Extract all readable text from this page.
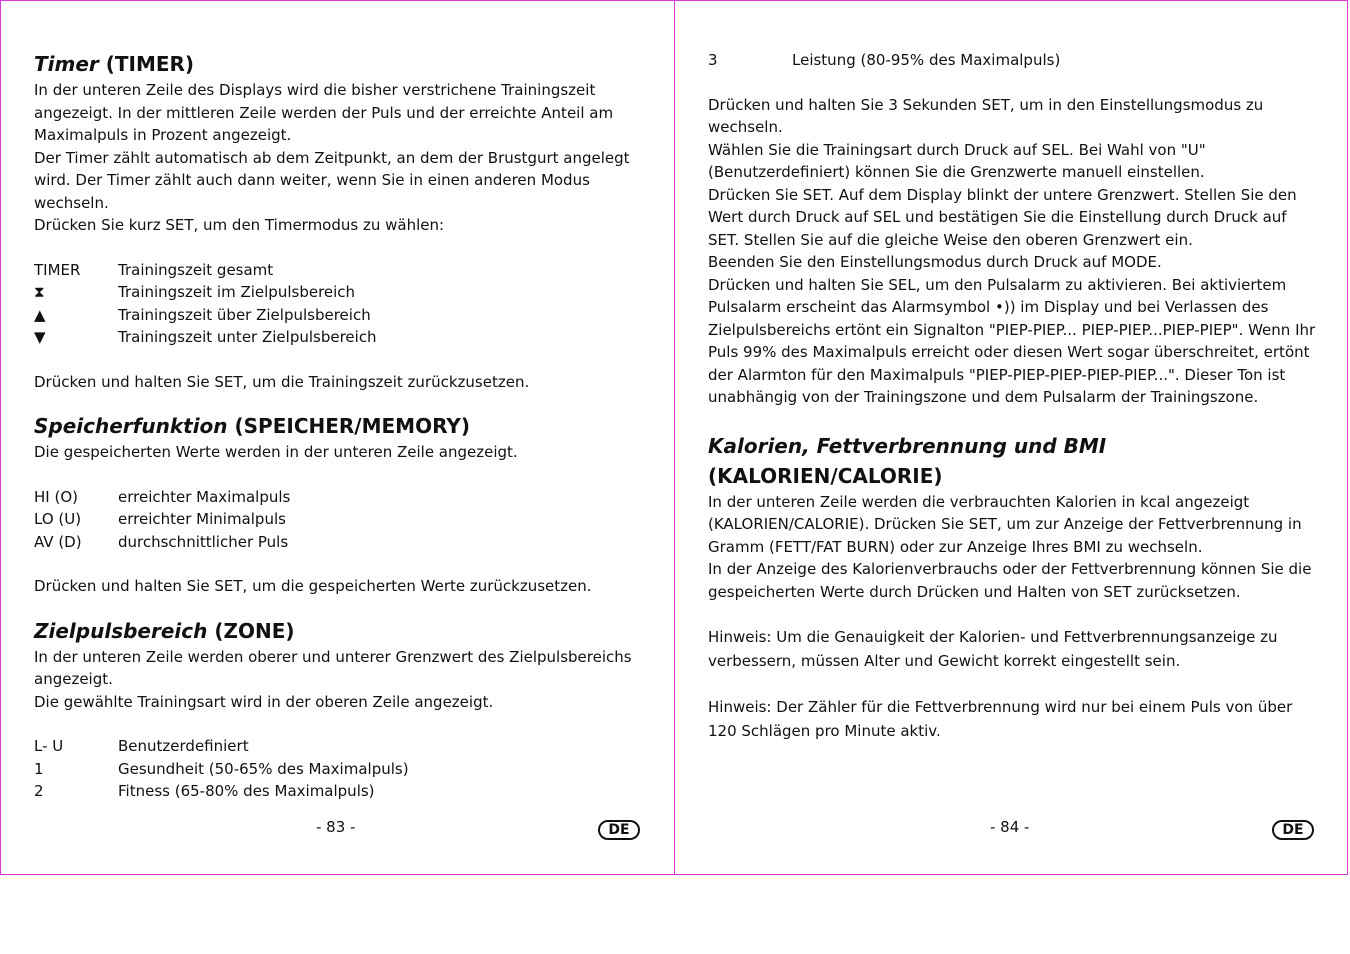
Timer (TIMER)

In der unteren Zeile des Displays wird die bisher verstrichene Trainingszeit angezeigt. In der mittleren Zeile werden der Puls und der erreichte Anteil am Maximalpuls in Prozent angezeigt.

Der Timer zählt automatisch ab dem Zeitpunkt, an dem der Brustgurt angelegt wird. Der Timer zählt auch dann weiter, wenn Sie in einen anderen Modus wechseln.

Drücken Sie kurz SET, um den Timermodus zu wählen:

TIMER	Trainingszeit gesamt
⧗	Trainingszeit im Zielpulsbereich
▲	Trainingszeit über Zielpulsbereich
▼	Trainingszeit unter Zielpulsbereich

Drücken und halten Sie SET, um die Trainingszeit zurückzusetzen.

Speicherfunktion (SPEICHER/MEMORY)

Die gespeicherten Werte werden in der unteren Zeile angezeigt.

HI (O)	erreichter Maximalpuls
LO (U)	erreichter Minimalpuls
AV (D)	durchschnittlicher Puls

Drücken und halten Sie SET, um die gespeicherten Werte zurückzusetzen.

Zielpulsbereich (ZONE)

In der unteren Zeile werden oberer und unterer Grenzwert des Zielpulsbereichs angezeigt.

Die gewählte Trainingsart wird in der oberen Zeile angezeigt.

L- U	Benutzerdefiniert
1	Gesundheit (50-65% des Maximalpuls)
2	Fitness (65-80% des Maximalpuls)
- 83 -	DE
3	Leistung (80-95% des Maximalpuls)

Drücken und halten Sie 3 Sekunden SET, um in den Einstellungsmodus zu wechseln.

Wählen Sie die Trainingsart durch Druck auf SEL. Bei Wahl von "U" (Benutzerdefiniert) können Sie die Grenzwerte manuell einstellen.

Drücken Sie SET. Auf dem Display blinkt der untere Grenzwert. Stellen Sie den Wert durch Druck auf SEL und bestätigen Sie die Einstellung durch Druck auf SET. Stellen Sie auf die gleiche Weise den oberen Grenzwert ein.

Beenden Sie den Einstellungsmodus durch Druck auf MODE.

Drücken und halten Sie SEL, um den Pulsalarm zu aktivieren. Bei aktiviertem Pulsalarm erscheint das Alarmsymbol •)) im Display und bei Verlassen des Zielpulsbereichs ertönt ein Signalton "PIEP-PIEP... PIEP-PIEP...PIEP-PIEP". Wenn Ihr Puls 99% des Maximalpuls erreicht oder diesen Wert sogar überschreitet, ertönt der Alarmton für den Maximalpuls "PIEP-PIEP-PIEP-PIEP-PIEP...". Dieser Ton ist unabhängig von der Trainingszone und dem Pulsalarm der Trainingszone.

Kalorien, Fettverbrennung und BMI
(KALORIEN/CALORIE)

In der unteren Zeile werden die verbrauchten Kalorien in kcal angezeigt (KALORIEN/CALORIE). Drücken Sie SET, um zur Anzeige der Fettverbrennung in Gramm (FETT/FAT BURN) oder zur Anzeige Ihres BMI zu wechseln.

In der Anzeige des Kalorienverbrauchs oder der Fettverbrennung können Sie die gespeicherten Werte durch Drücken und Halten von SET zurücksetzen.

Hinweis: Um die Genauigkeit der Kalorien- und Fettverbrennungsanzeige zu verbessern, müssen Alter und Gewicht korrekt eingestellt sein.

Hinweis: Der Zähler für die Fettverbrennung wird nur bei einem Puls von über 120 Schlägen pro Minute aktiv.

- 84 -	DE
